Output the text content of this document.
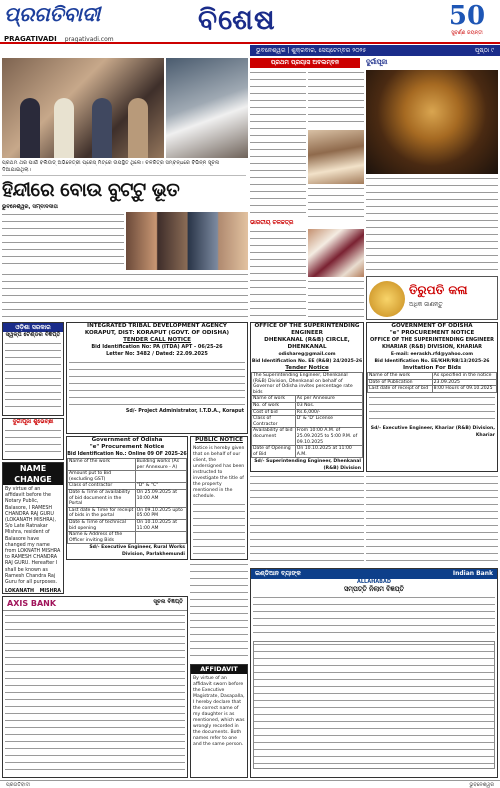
ପ୍ରଗତିବାଦୀ
PRAGATIVADI pragativadi.com
ବିଶେଷ	50
ସୁବର୍ଣ୍ଣ ଜୟନ୍ତୀ
ଭୁବନେଶ୍ୱର | ଶୁକ୍ରବାର, ସେପ୍ଟେମ୍ବର ୨୦୨୫	ପୃଷ୍ଠା ୯
ପ୍ରଥମ ଥର ପାଇଁ ବଲିଉଡ୍ ଅଭିନେତ୍ରୀ ପ୍ରେସ୍ ମିଟ୍‌ରେ ଉପସ୍ଥିତ ଥିଲେ। ଚଳଚ୍ଚିତ୍ର ସମ୍ବନ୍ଧରେ ବିଭିନ୍ନ ସୂଚନା ଦିଆଯାଇଥିଲା।
ହିନ୍ଦୀରେ ବୋଉ ବୁଟ୍ଟୁ ଭୂତ
ଭୁବନେଶ୍ୱର, ସମ୍ବାଦଦାତା
ପ୍ରଥମ ପ୍ରୟାସ ଅବଲମ୍ବନ
ଭାରତୀୟ ଚଳଚ୍ଚିତ୍ର
ଦୁର୍ଗାପୂଜା
ତିରୁପତି କଳା
ଅଧିକ ଜାଣନ୍ତୁ
ଓଡ଼ିଶା ସରକାର
ସ୍ୱଳ୍ପ ଟେଣ୍ଡର ବିଜ୍ଞପ୍ତି
ଦୁର୍ଗାପୂଜା ଶୁଭେଚ୍ଛା
NAME CHANGE
By virtue of an affidavit before the Notary Public, Balasore, I RAMESH CHANDRA RAJ GURU (LOKANATH MISHRA), S/o Late Ratnakar Mishra, resident of Balasore have changed my name from LOKNATH MISHRA to RAMESH CHANDRA RAJ GURU. Hereafter I shall be known as Ramesh Chandra Raj Guru for all purposes.
LOKANATH MISHRA
INTEGRATED TRIBAL DEVELOPMENT AGENCY
KORAPUT, DIST: KORAPUT (GOVT. OF ODISHA)
TENDER CALL NOTICE
Bid Identification No: PA (ITDA) APT - 06/25-26
Letter No: 3482 / Dated: 22.09.2025
Sd/- Project Administrator, I.T.D.A., Koraput
Government of Odisha
"e" Procurement Notice
Bid Identification No.: Online 09 OF 2025-26
Name of the work	Building works (As per Annexure - A)
Amount put to Bid (excluding GST)	
Class of contractor	"D" & "C"
Date & Time of availability of bid document in the Portal	On 25.09.2025 at 10:00 AM
Last date & Time for receipt of bids in the portal	On 09.10.2025 upto 05:00 PM
Date & Time of technical bid opening	On 10.10.2025 at 11:00 AM
Name & Address of the Officer inviting Bids	
Sd/- Executive Engineer, Rural Works Division, Parlakhemundi
PUBLIC NOTICE
Notice is hereby given that on behalf of our client, the undersigned has been instructed to investigate the title of the property mentioned in the schedule.
OFFICE OF THE SUPERINTENDING ENGINEER
DHENKANAL (R&B) CIRCLE, DHENKANAL
odishareg@gmail.com
Bid Identification No. EE (R&B) 24/2025-26
Tender Notice
The Superintending Engineer, Dhenkanal (R&B) Division, Dhenkanal on behalf of Governor of Odisha invites percentage rate bids	
Name of work	As per Annexure
No. of work	03 Nos.
Cost of bid	Rs.6,000/-
Class of Contractor	D' & 'D' License
Availability of bid document	From 10:00 A.M. of 25.09.2025 to 5:00 P.M. of 09.10.2025
Date of Opening of Bid	On 10.10.2025 at 11:00 A.M.
Sd/- Superintending Engineer, Dhenkanal (R&B) Division
GOVERNMENT OF ODISHA
"e" PROCUREMENT NOTICE
OFFICE OF THE SUPERINTENDING ENGINEER KHARIAR (R&B) DIVISION, KHARIAR
E-mail: eeraskh.rfd@yahoo.com
Bid Identification No. EE/KHR/RB/13/2025-26
Invitation For Bids
Name of the work	As specified in the notice
Date of Publication	23.09.2025
Last date of receipt of bid	8:00 Hours of 09.10.2025
Sd/- Executive Engineer, Khariar (R&B) Division, Khariar
AXIS BANK	ସୂଚନା ବିଜ୍ଞପ୍ତି
AFFIDAVIT
By virtue of an affidavit sworn before the Executive Magistrate, Dasapalla, I hereby declare that the correct name of my daughter is as mentioned, which was wrongly recorded in the documents. Both names refer to one and the same person.
ଇଣ୍ଡିଆନ ବ୍ୟାଙ୍କ	Indian Bank
ALLAHABAD
ସମ୍ପତ୍ତି ନିଲାମ ବିଜ୍ଞପ୍ତି
ପ୍ରଗତିବାଦୀ	ଭୁବନେଶ୍ୱର
